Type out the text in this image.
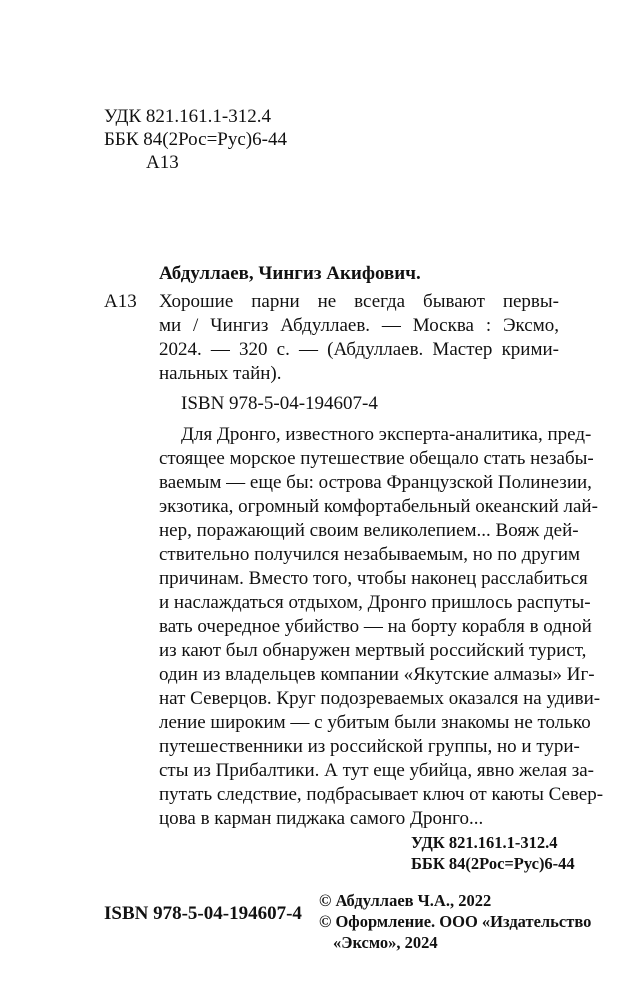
УДК 821.161.1-312.4
ББК 84(2Рос=Рус)6-44
А13
Абдуллаев, Чингиз Акифович.
А13 Хорошие парни не всегда бывают первы-
ми / Чингиз Абдуллаев. — Москва : Эксмо,
2024. — 320 с. — (Абдуллаев. Мастер крими-
нальных тайн).
ISBN 978-5-04-194607-4
Для Дронго, известного эксперта-аналитика, пред-
стоящее морское путешествие обещало стать незабы-
ваемым — еще бы: острова Французской Полинезии,
экзотика, огромный комфортабельный океанский лай-
нер, поражающий своим великолепием... Вояж дей-
ствительно получился незабываемым, но по другим
причинам. Вместо того, чтобы наконец расслабиться
и наслаждаться отдыхом, Дронго пришлось распуты-
вать очередное убийство — на борту корабля в одной
из кают был обнаружен мертвый российский турист,
один из владельцев компании «Якутские алмазы» Иг-
нат Северцов. Круг подозреваемых оказался на удиви-
ление широким — с убитым были знакомы не только
путешественники из российской группы, но и тури-
сты из Прибалтики. А тут еще убийца, явно желая за-
путать следствие, подбрасывает ключ от каюты Север-
цова в карман пиджака самого Дронго...
УДК 821.161.1-312.4
ББК 84(2Рос=Рус)6-44
ISBN 978-5-04-194607-4
© Абдуллаев Ч.А., 2022
© Оформление. ООО «Издательство
«Эксмо», 2024
